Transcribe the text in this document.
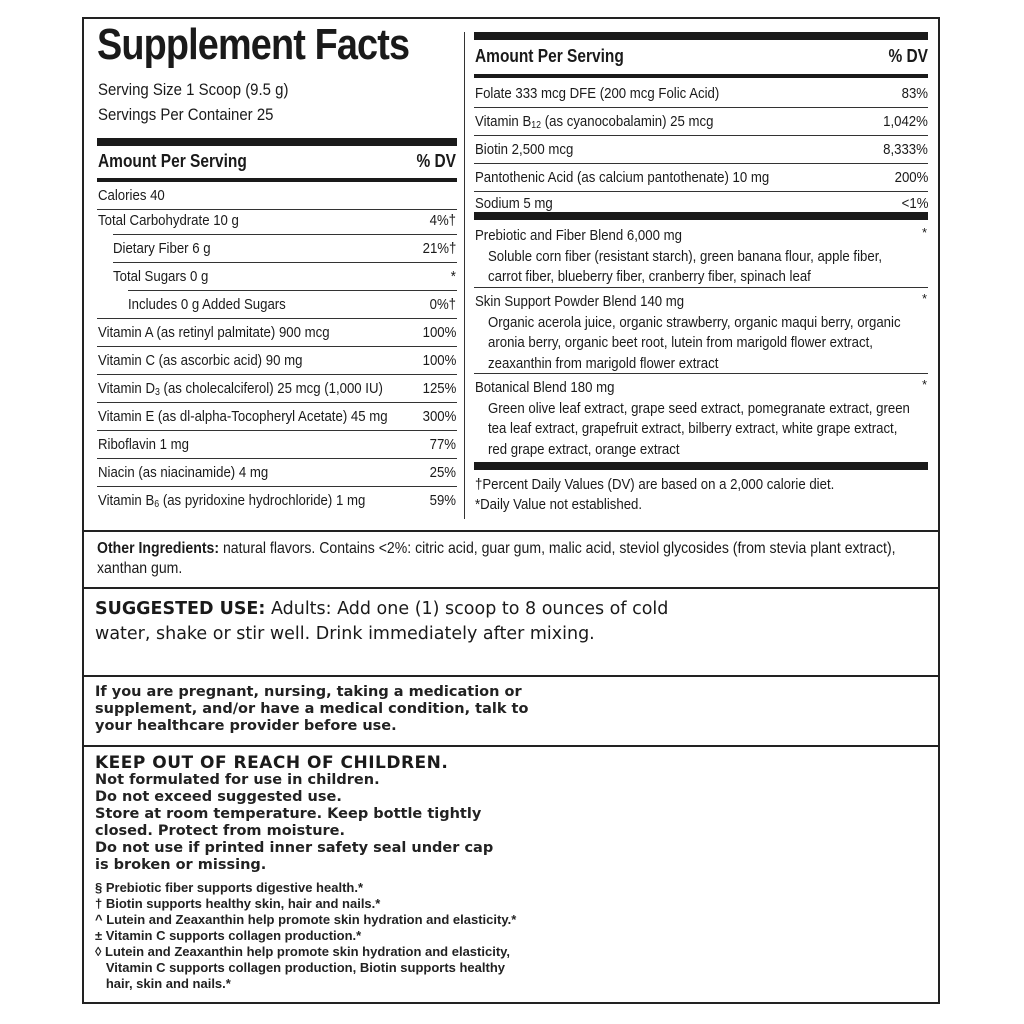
Supplement Facts
Serving Size 1 Scoop (9.5 g)
Servings Per Container 25
Amount Per Serving	% DV
Calories 40
Total Carbohydrate 10 g	4%†
Dietary Fiber 6 g	21%†
Total Sugars 0 g	*
Includes 0 g Added Sugars	0%†
Vitamin A (as retinyl palmitate) 900 mcg	100%
Vitamin C (as ascorbic acid) 90 mg	100%
Vitamin $D_3$ (as cholecalciferol) 25 mcg (1,000 IU)	125%
Vitamin E (as dl-alpha-Tocopheryl Acetate) 45 mg 300%
Riboflavin 1 mg	77%
Niacin (as niacinamide) 4 mg	25%
Vitamin $B_6$ (as pyridoxine hydrochloride) 1 mg	59%
Amount Per Serving	% DV
Folate 333 mcg DFE (200 mcg Folic Acid)	83%
Vitamin $B_{12}$ (as cyanocobalamin) 25 mcg	1,042%
Biotin 2,500 mcg	8,333%
Pantothenic Acid (as calcium pantothenate) 10 mg	200%
Sodium 5 mg	<1%
Prebiotic and Fiber Blend 6,000 mg	*
Soluble corn fiber (resistant starch), green banana flour, apple fiber,
carrot fiber, blueberry fiber, cranberry fiber, spinach leaf
Skin Support Powder Blend 140 mg	*
Organic acerola juice, organic strawberry, organic maqui berry, organic
aronia berry, organic beet root, lutein from marigold flower extract,
zeaxanthin from marigold flower extract
Botanical Blend 180 mg	*
Green olive leaf extract, grape seed extract, pomegranate extract, green
tea leaf extract, grapefruit extract, bilberry extract, white grape extract,
red grape extract, orange extract
†Percent Daily Values (DV) are based on a 2,000 calorie diet.
*Daily Value not established.
Other Ingredients: natural flavors. Contains <2%: citric acid, guar gum, malic acid, steviol glycosides (from stevia plant extract), xanthan gum.
SUGGESTED USE: Adults: Add one (1) scoop to 8 ounces of cold water, shake or stir well. Drink immediately after mixing.
If you are pregnant, nursing, taking a medication or supplement, and/or have a medical condition, talk to your healthcare provider before use.
KEEP OUT OF REACH OF CHILDREN.
Not formulated for use in children.
Do not exceed suggested use.
Store at room temperature. Keep bottle tightly
closed. Protect from moisture.
Do not use if printed inner safety seal under cap
is broken or missing.
§ Prebiotic fiber supports digestive health.*
† Biotin supports healthy skin, hair and nails.*
^ Lutein and Zeaxanthin help promote skin hydration and elasticity.*
± Vitamin C supports collagen production.*
◊ Lutein and Zeaxanthin help promote skin hydration and elasticity,
Vitamin C supports collagen production, Biotin supports healthy
hair, skin and nails.*
